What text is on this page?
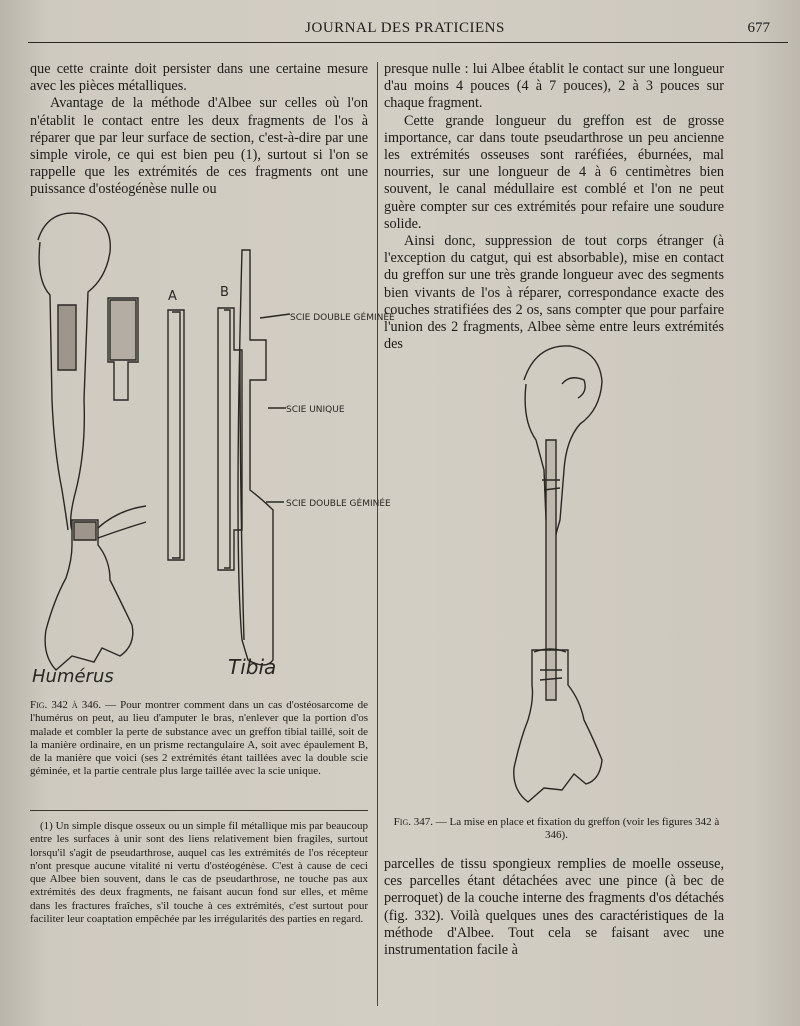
JOURNAL DES PRATICIENS	677

que cette crainte doit persister dans une certaine mesure avec les pièces métalliques.

Avantage de la méthode d'Albee sur celles où l'on n'établit le contact entre les deux fragments de l'os à réparer que par leur surface de section, c'est-à-dire par une simple virole, ce qui est bien peu (1), surtout si l'on se rappelle que les extrémités de ces fragments ont une puissance d'ostéogénèse nulle ou

A	B
SCIE DOUBLE GÉMINÉE
SCIE UNIQUE
SCIE DOUBLE GÉMINÉE
Humérus	Tibia
Fig. 342 à 346. — Pour montrer comment dans un cas d'ostéosarcome de l'humérus on peut, au lieu d'amputer le bras, n'enlever que la portion d'os malade et combler la perte de substance avec un greffon tibial taillé, soit de la manière ordinaire, en un prisme rectangulaire A, soit avec épaulement B, de la manière que voici (ses 2 extrémités étant taillées avec la double scie géminée, et la partie centrale plus large taillée avec la scie unique.

(1) Un simple disque osseux ou un simple fil métallique mis par beaucoup entre les surfaces à unir sont des liens relativement bien fragiles, surtout lorsqu'il s'agit de pseudarthrose, auquel cas les extrémités de l'os récepteur n'ont presque aucune vitalité ni vertu d'ostéogénèse. C'est à cause de ceci que Albee bien souvent, dans le cas de pseudarthrose, ne touche pas aux extrémités des deux fragments, ne faisant aucun fond sur elles, et même dans les fractures fraîches, s'il touche à ces extrémités, c'est surtout pour faciliter leur coaptation empêchée par les irrégularités des parties en regard.

presque nulle : lui Albee établit le contact sur une longueur d'au moins 4 pouces (4 à 7 pouces), 2 à 3 pouces sur chaque fragment.

Cette grande longueur du greffon est de grosse importance, car dans toute pseudarthrose un peu ancienne les extrémités osseuses sont raréfiées, éburnées, mal nourries, sur une longueur de 4 à 6 centimètres bien souvent, le canal médullaire est comblé et l'on ne peut guère compter sur ces extrémités pour refaire une soudure solide.

Ainsi donc, suppression de tout corps étranger (à l'exception du catgut, qui est absorbable), mise en contact du greffon sur une très grande longueur avec des segments bien vivants de l'os à réparer, correspondance exacte des couches stratifiées des 2 os, sans compter que pour parfaire l'union des 2 fragments, Albee sème entre leurs extrémités des

Fig. 347. — La mise en place et fixation du greffon (voir les figures 342 à 346).

parcelles de tissu spongieux remplies de moelle osseuse, ces parcelles étant détachées avec une pince (à bec de perroquet) de la couche interne des fragments d'os détachés (fig. 332). Voilà quelques unes des caractéristiques de la méthode d'Albee. Tout cela se faisant avec une instrumentation facile à
